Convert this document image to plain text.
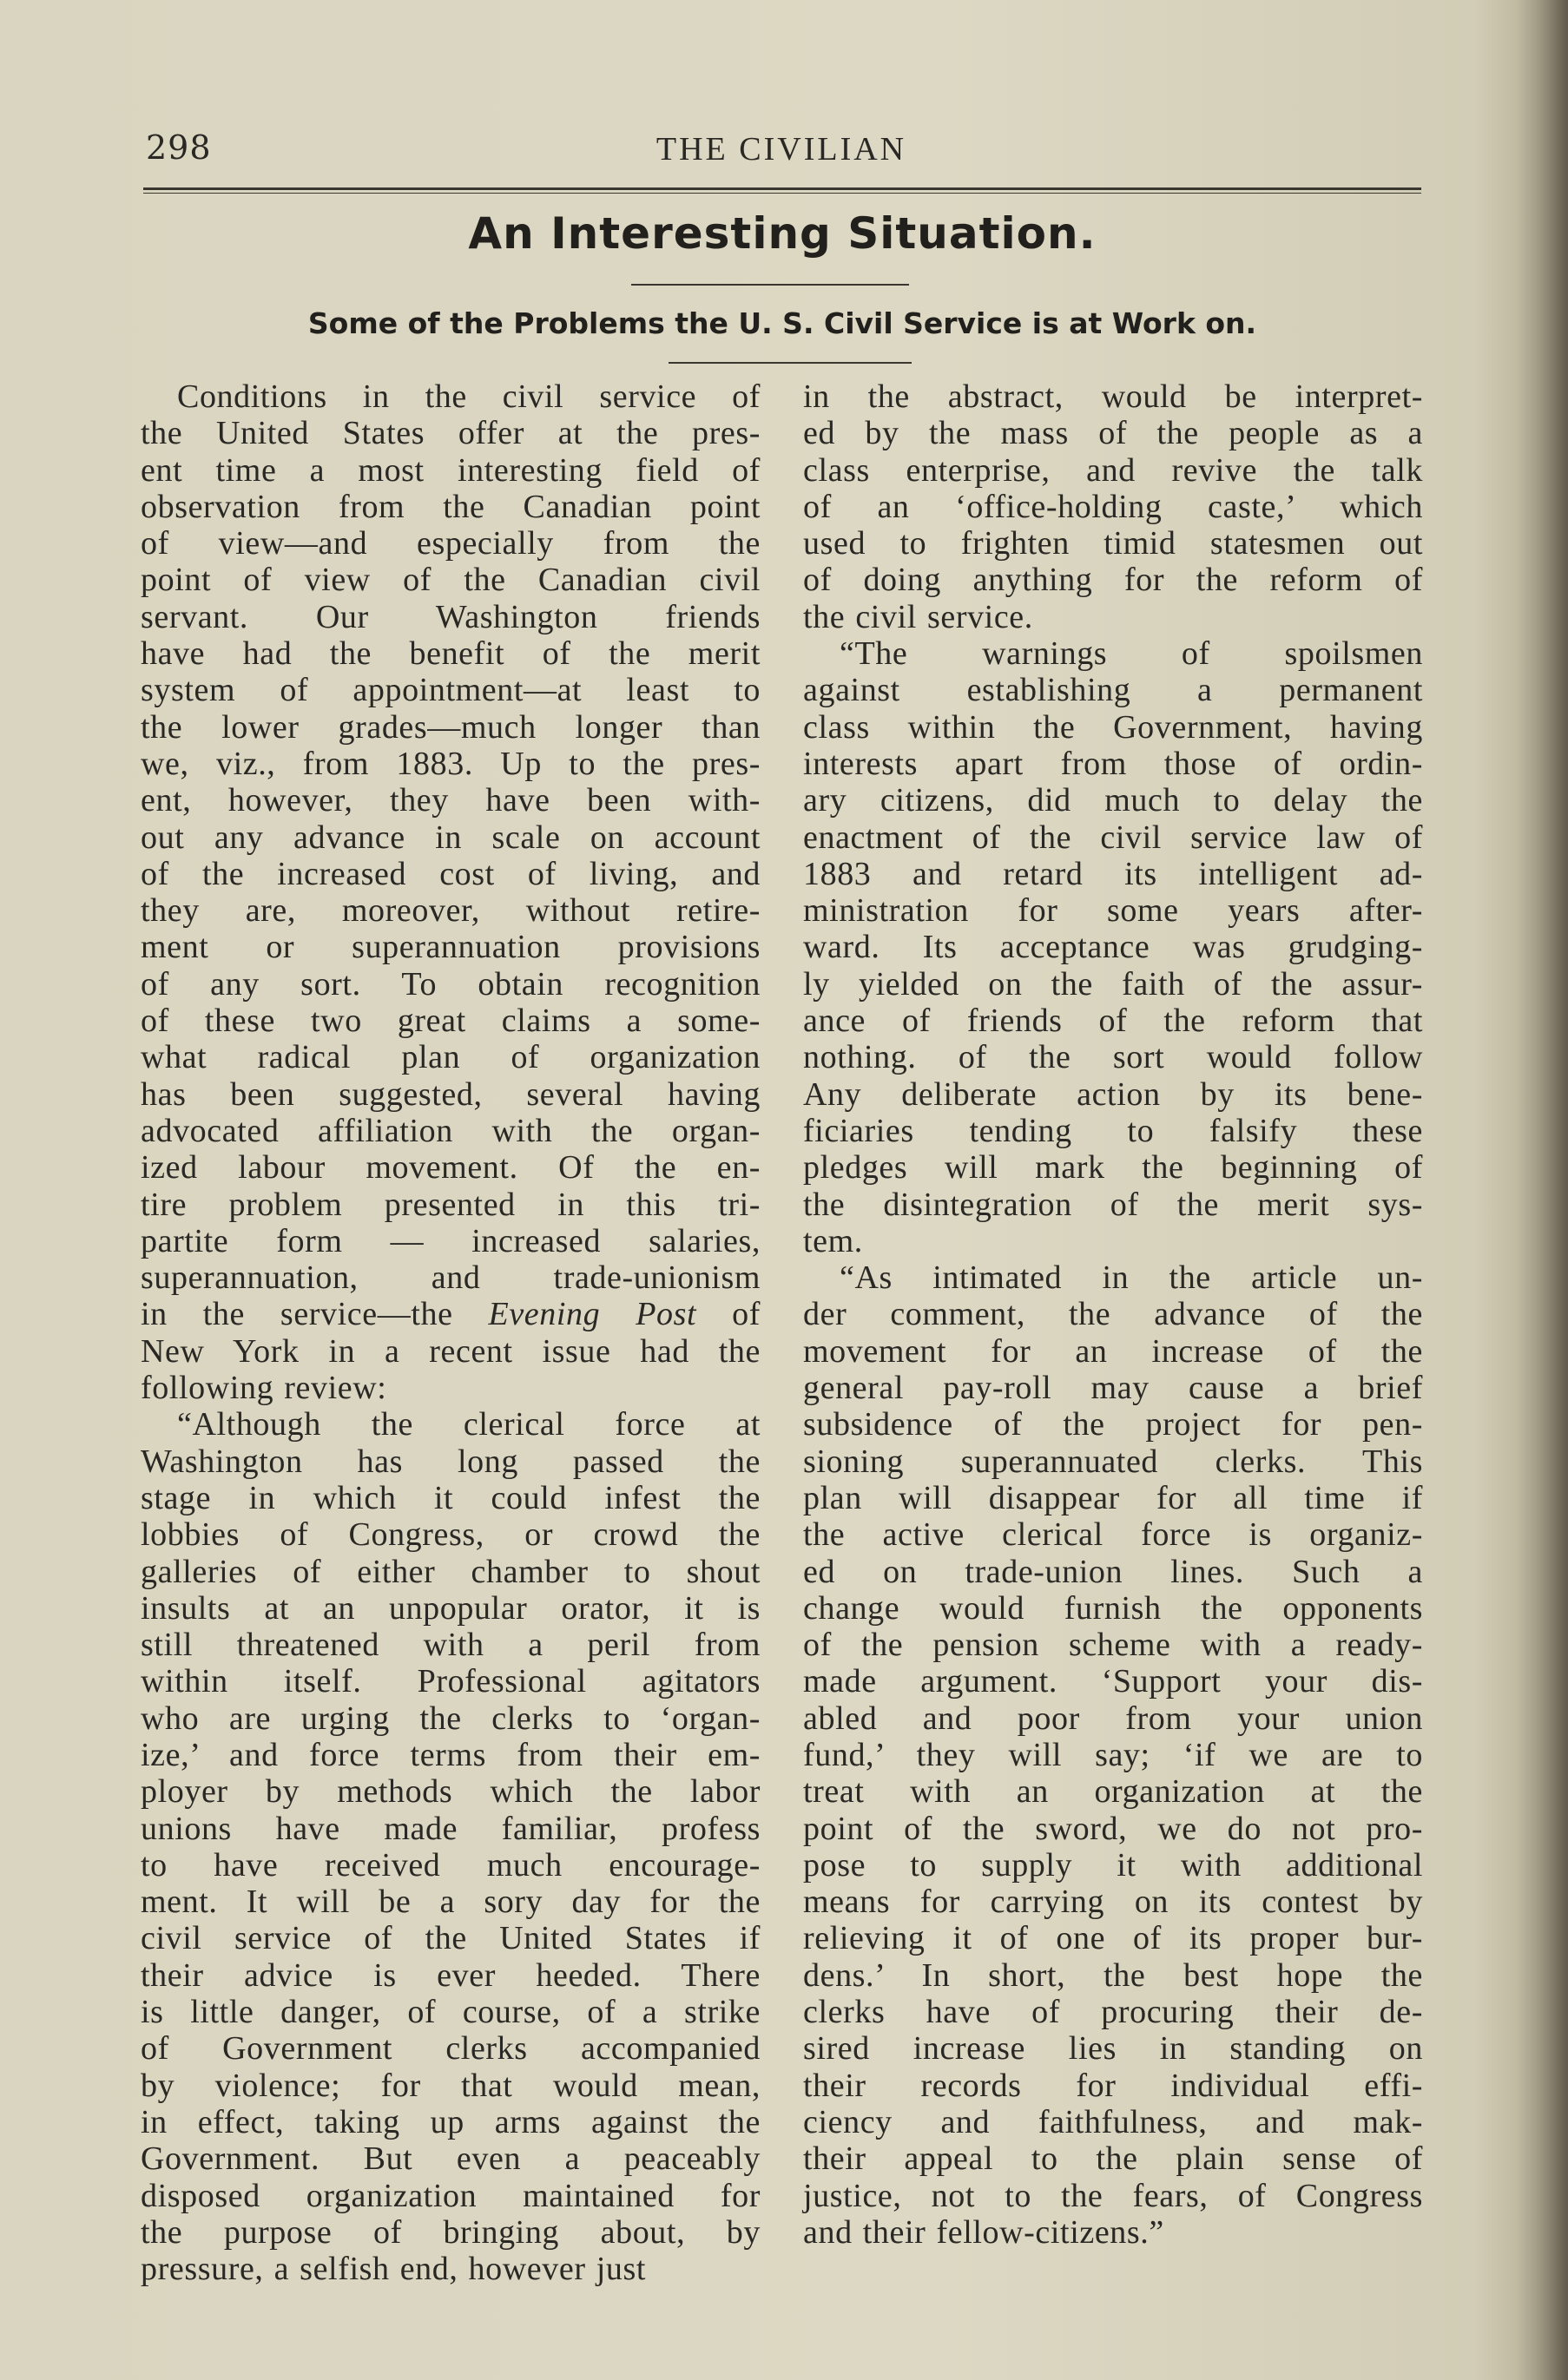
298	THE CIVILIAN
An Interesting Situation.
Some of the Problems the U. S. Civil Service is at Work on.

Conditions in the civil service of
the United States offer at the pres-
ent time a most interesting field of
observation from the Canadian point
of view—and especially from the
point of view of the Canadian civil
servant. Our Washington friends
have had the benefit of the merit
system of appointment—at least to
the lower grades—much longer than
we, viz., from 1883. Up to the pres-
ent, however, they have been with-
out any advance in scale on account
of the increased cost of living, and
they are, moreover, without retire-
ment or superannuation provisions
of any sort. To obtain recognition
of these two great claims a some-
what radical plan of organization
has been suggested, several having
advocated affiliation with the organ-
ized labour movement. Of the en-
tire problem presented in this tri-
partite form — increased salaries,
superannuation, and trade-unionism
in the service—the Evening Post of
New York in a recent issue had the
following review:

“Although the clerical force at
Washington has long passed the
stage in which it could infest the
lobbies of Congress, or crowd the
galleries of either chamber to shout
insults at an unpopular orator, it is
still threatened with a peril from
within itself. Professional agitators
who are urging the clerks to ‘organ-
ize,’ and force terms from their em-
ployer by methods which the labor
unions have made familiar, profess
to have received much encourage-
ment. It will be a sory day for the
civil service of the United States if
their advice is ever heeded. There
is little danger, of course, of a strike
of Government clerks accompanied
by violence; for that would mean,
in effect, taking up arms against the
Government. But even a peaceably
disposed organization maintained for
the purpose of bringing about, by
pressure, a selfish end, however just

in the abstract, would be interpret-
ed by the mass of the people as a
class enterprise, and revive the talk
of an ‘office-holding caste,’ which
used to frighten timid statesmen out
of doing anything for the reform of
the civil service.

“The warnings of spoilsmen
against establishing a permanent
class within the Government, having
interests apart from those of ordin-
ary citizens, did much to delay the
enactment of the civil service law of
1883 and retard its intelligent ad-
ministration for some years after-
ward. Its acceptance was grudging-
ly yielded on the faith of the assur-
ance of friends of the reform that
nothing. of the sort would follow
Any deliberate action by its bene-
ficiaries tending to falsify these
pledges will mark the beginning of
the disintegration of the merit sys-
tem.

“As intimated in the article un-
der comment, the advance of the
movement for an increase of the
general pay-roll may cause a brief
subsidence of the project for pen-
sioning superannuated clerks. This
plan will disappear for all time if
the active clerical force is organiz-
ed on trade-union lines. Such a
change would furnish the opponents
of the pension scheme with a ready-
made argument. ‘Support your dis-
abled and poor from your union
fund,’ they will say; ‘if we are to
treat with an organization at the
point of the sword, we do not pro-
pose to supply it with additional
means for carrying on its contest by
relieving it of one of its proper bur-
dens.’ In short, the best hope the
clerks have of procuring their de-
sired increase lies in standing on
their records for individual effi-
ciency and faithfulness, and mak-
their appeal to the plain sense of
justice, not to the fears, of Congress
and their fellow-citizens.”
